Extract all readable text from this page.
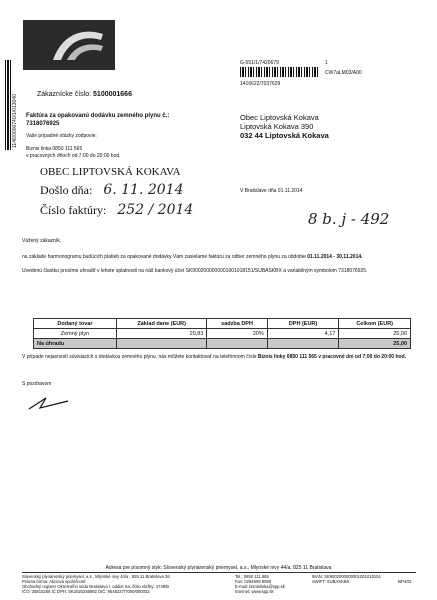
1146/0000740/1/013040
G-551/1/7420679	1
CW7aLM03/A00
1416622/7037629
Zákaznícke číslo: 5100001666
Faktúra za opakovanú dodávku zemného plynu č.:
7318076925
Vaše prípadné otázky zodpovie:
Biznis linka 0850 111 565
v pracovných dňoch od 7:00 do 20:00 hod.
Obec Liptovská Kokava
Liptovská Kokava 390
032 44 Liptovská Kokava
OBEC LIPTOVSKÁ KOKAVA
Došlo dňa: 6. 11. 2014
Číslo faktúry: 252 / 2014
V Bratislave dňa 01.11.2014
8 b. j - 492
Vážený zákazník,
na základe harmonogramu budúcich platieb za opakované dodávky Vám zasielame faktúru za odber zemného plynu za obdobie 01.11.2014 - 30.11.2014.
Uvedenú čiastku prosíme uhradiť v lehote splatnosti na náš bankový účet SK9002000000001001018151/SUBASKBX a variabilným symbolom 7318076925.
Dodaný tovar	Základ dane (EUR)	sadzba DPH	DPH (EUR)	Celkom (EUR)
Zemný plyn	20,83	20%	4,17	25,00
Na úhradu				25,00
V prípade nejasností súvisiacich s dodávkou zemného plynu, nás môžete kontaktovať na telefónnom čísle Biznis linky 0850 111 565 v pracovné dni od 7:00 do 20:00 hod.
S pozdravom
Adresa pre písomný styk: Slovenský plynárenský priemysel, a.s., Mlynské nivy 44/a, 825 11 Bratislava
Slovenský plynárenský priemysel, a.s., Mlynské nivy 44/a , 825 11 Bratislava 26
Právna forma: Akciová spoločnosť
Obchodný register Okresného súdu Bratislava I, oddiel Sa, číslo vložky: 2749/B
IČO: 35815256 IČ DPH: SK2020256992 DIČ: 9548227/7000/000032
Tel.: 0850 111 565
Fax: 0254609 8098
E-mail: biznislinka@spp.sk
Internet: www.spp.sk
IBAN: SK9002000000001001018151
SWIFT: SUBASKBX	BP402
